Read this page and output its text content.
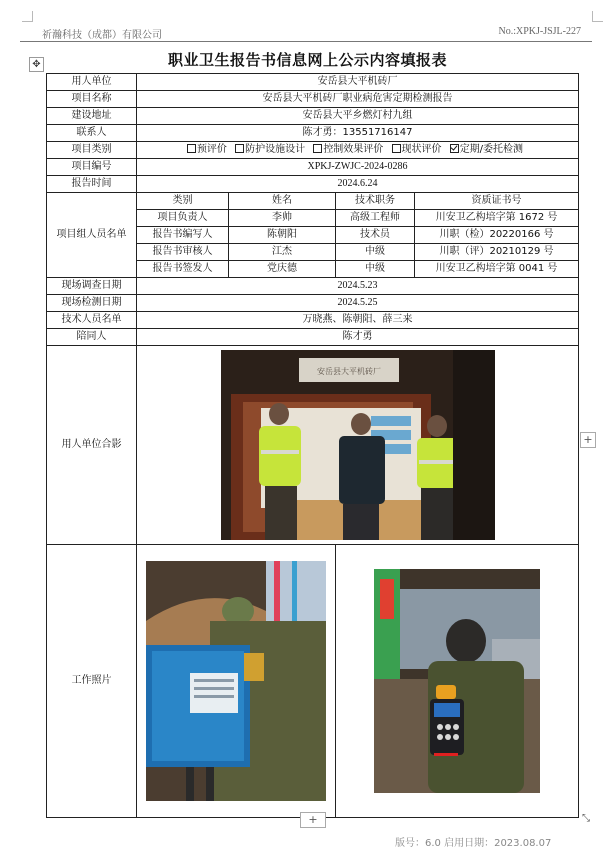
祈瀚科技（成都）有限公司	No.:XPKJ-JSJL-227
✥	职业卫生报告书信息网上公示内容填报表
用人单位	安岳县大平机砖厂			
项目名称	安岳县大平机砖厂职业病危害定期检测报告			
建设地址	安岳县大平乡燃灯村九组			
联系人	陈才勇：13551716147			
项目类别	预评价 防护设施设计 控制效果评价 现状评价 定期/委托检测			
项目编号	XPKJ-ZWJC-2024-0286			
报告时间	2024.6.24			
项目组人员名单	类别	姓名	技术职务	资质证书号
	项目负责人	李帅	高级工程师	川安卫乙构培字第 1672 号
	报告书编写人	陈朝阳	技术员	川职（检）20220166 号
	报告书审核人	江杰	中级	川职（评）20210129 号
	报告书签发人	党庆德	中级	川安卫乙构培字第 0041 号
现场调查日期	2024.5.23			
现场检测日期	2024.5.25			
技术人员名单	万晓燕、陈朝阳、薛三来			
陪同人	陈才勇			
用人单位合影	安岳县大平机砖厂			

工作照片	

+
+	⤡
版号：6.0 启用日期：2023.08.07
